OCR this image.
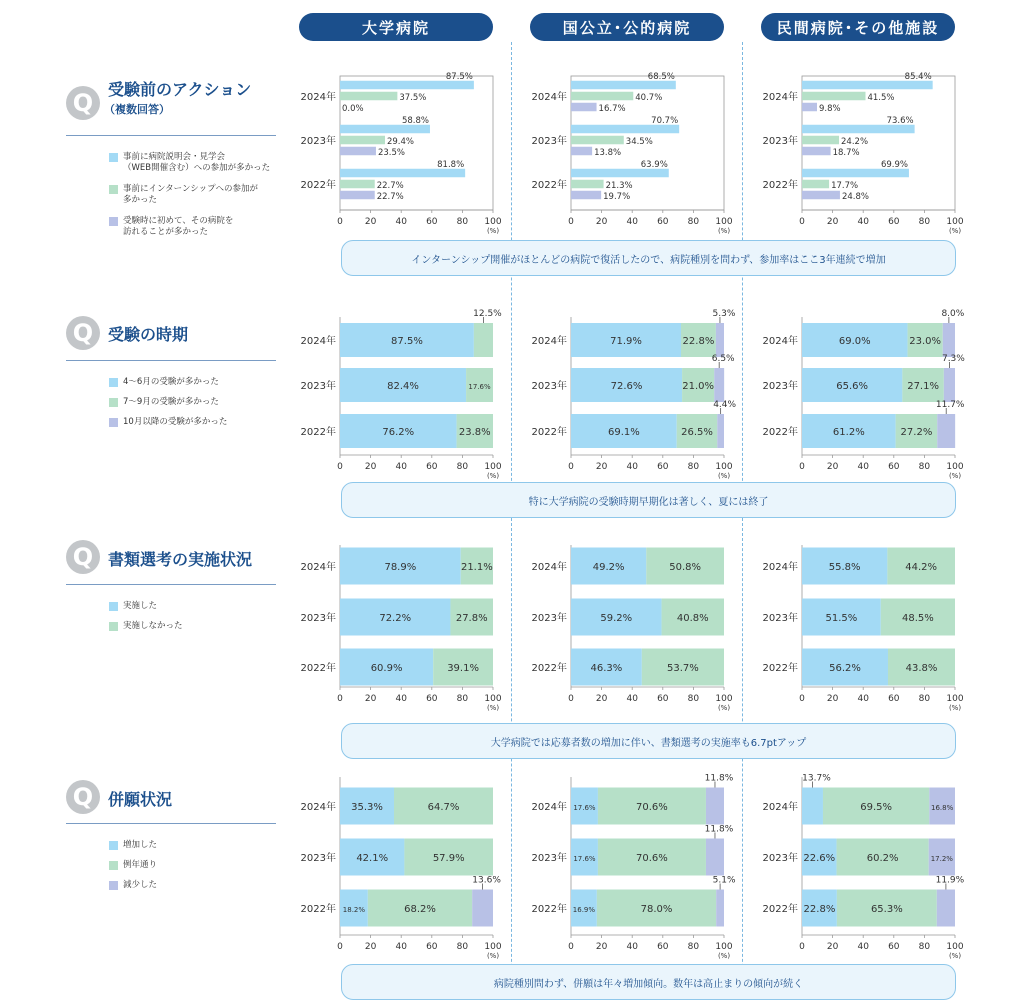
大学病院	国公立･公的病院	民間病院･その他施設
Q 受験前のアクション
（複数回答）
事前に病院説明会・見学会
（WEB開催含む）への参加が多かった
事前にインターンシップへの参加が
多かった
受験時に初めて、その病院を
訪れることが多かった
インターンシップ開催がほとんどの病院で復活したので、病院種別を問わず、参加率はここ3年連続で増加
Q 受験の時期
4～6月の受験が多かった
7～9月の受験が多かった
10月以降の受験が多かった
特に大学病院の受験時期早期化は著しく、夏には終了
Q 書類選考の実施状況
実施した
実施しなかった
大学病院では応募者数の増加に伴い、書類選考の実施率も6.7ptアップ
Q 併願状況
増加した
例年通り
減少した
病院種別問わず、併願は年々増加傾向。数年は高止まりの傾向が続く
0 20 40 60 80 100
(%)
2024年
2023年
2022年
87.5%
37.5%
0.0%
58.8%
29.4%
23.5%
81.8%
22.7%
22.7%
0 20 40 60 80 100
(%)
2024年
2023年
2022年
68.5%
40.7%
16.7%
70.7%
34.5%
13.8%
63.9%
21.3%
19.7%
0 20 40 60 80 100
(%)
2024年
2023年
2022年
85.4%
41.5%
9.8%
73.6%
24.2%
18.7%
69.9%
17.7%
24.8%
0 20 40 60 80 100
(%)
2024年
2023年
2022年
87.5%
12.5%
82.4%	17.6%
76.2%	23.8%
0 20 40 60 80 100
(%)
2024年
2023年
2022年
71.9%	22.8%
5.3%
72.6%	21.0%
6.5%
69.1%	26.5%
4.4%
0 20 40 60 80 100
(%)
2024年
2023年
2022年
69.0%	23.0%
8.0%
65.6%	27.1%
7.3%
61.2%	27.2%
11.7%
0 20 40 60 80 100
(%)
2024年
2023年
2022年
78.9%	21.1%
72.2%	27.8%
60.9%	39.1%
0 20 40 60 80 100
(%)
2024年
2023年
2022年
49.2%	50.8%
59.2%	40.8%
46.3%	53.7%
0 20 40 60 80 100
(%)
2024年
2023年
2022年
55.8%	44.2%
51.5%	48.5%
56.2%	43.8%
0 20 40 60 80 100
(%)
2024年
2023年
2022年
35.3%	64.7%
42.1%	57.9%
18.2%	68.2%
13.6%
0 20 40 60 80 100
(%)
2024年
2023年
2022年
17.6%	70.6%
11.8%
17.6%	70.6%
11.8%
16.9%	78.0%
5.1%
0 20 40 60 80 100
(%)
2024年
2023年
2022年
13.7%
69.5%	16.8%
22.6%	60.2%	17.2%
22.8%	65.3%
11.9%
